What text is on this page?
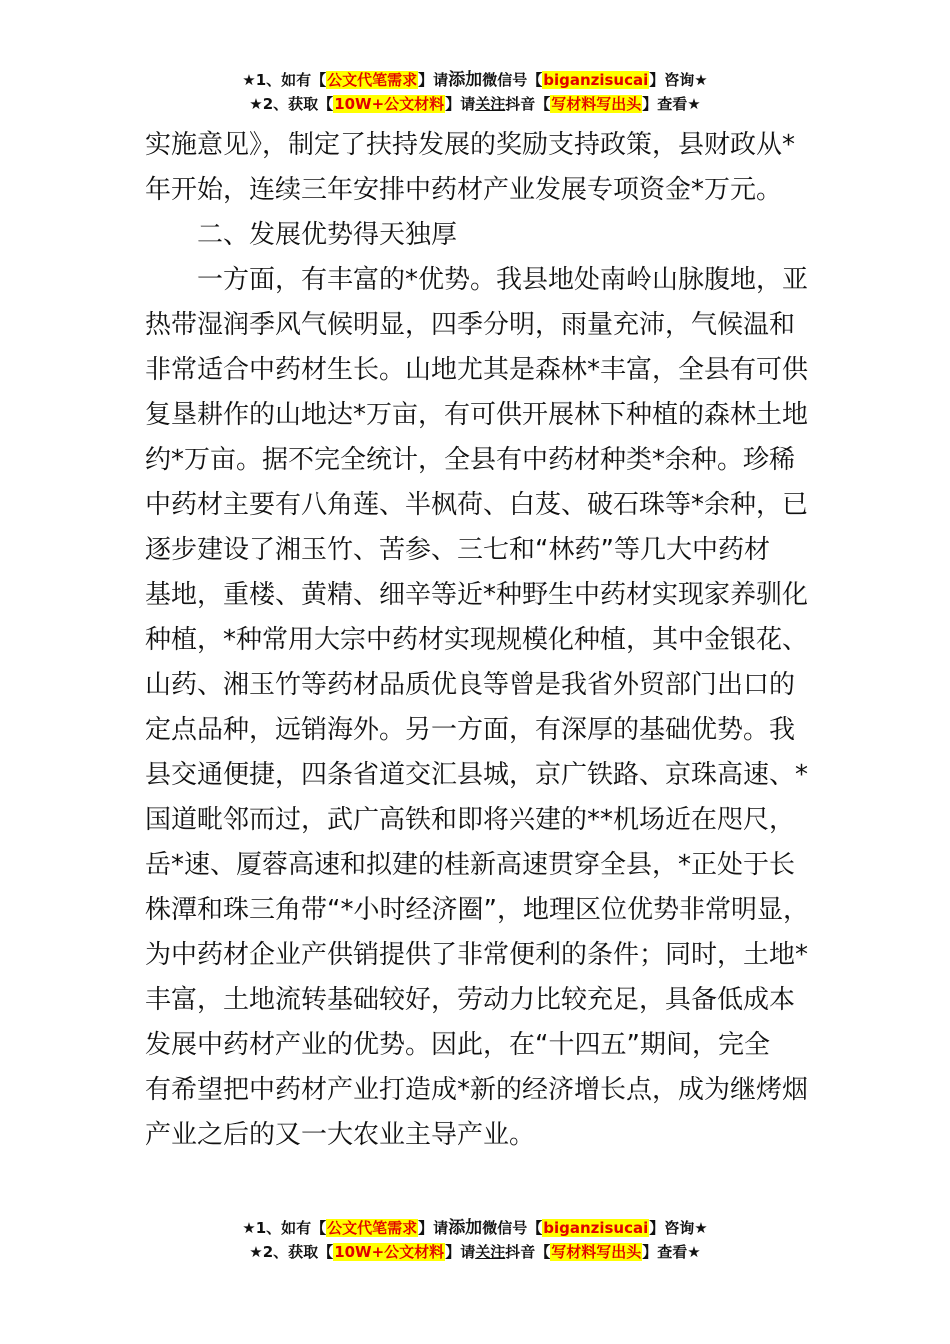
★1、如有【公文代笔需求】请添加微信号【biganzisucai】咨询★
★2、获取【10W+公文材料】请关注抖音【写材料写出头】查看★

实施意见》，制定了扶持发展的奖励支持政策，县财政从*
年开始，连续三年安排中药材产业发展专项资金*万元。

二、发展优势得天独厚

一方面，有丰富的*优势。我县地处南岭山脉腹地，亚
热带湿润季风气候明显，四季分明，雨量充沛，气候温和
非常适合中药材生长。山地尤其是森林*丰富，全县有可供
复垦耕作的山地达*万亩，有可供开展林下种植的森林土地
约*万亩。据不完全统计，全县有中药材种类*余种。珍稀
中药材主要有八角莲、半枫荷、白芨、破石珠等*余种，已
逐步建设了湘玉竹、苦参、三七和“林药”等几大中药材
基地，重楼、黄精、细辛等近*种野生中药材实现家养驯化
种植，*种常用大宗中药材实现规模化种植，其中金银花、
山药、湘玉竹等药材品质优良等曾是我省外贸部门出口的
定点品种，远销海外。另一方面，有深厚的基础优势。我
县交通便捷，四条省道交汇县城，京广铁路、京珠高速、*
国道毗邻而过，武广高铁和即将兴建的**机场近在咫尺，
岳*速、厦蓉高速和拟建的桂新高速贯穿全县，*正处于长
株潭和珠三角带“*小时经济圈”，地理区位优势非常明显，
为中药材企业产供销提供了非常便利的条件；同时，土地*
丰富，土地流转基础较好，劳动力比较充足，具备低成本
发展中药材产业的优势。因此，在“十四五”期间，完全
有希望把中药材产业打造成*新的经济增长点，成为继烤烟
产业之后的又一大农业主导产业。

★1、如有【公文代笔需求】请添加微信号【biganzisucai】咨询★
★2、获取【10W+公文材料】请关注抖音【写材料写出头】查看★
